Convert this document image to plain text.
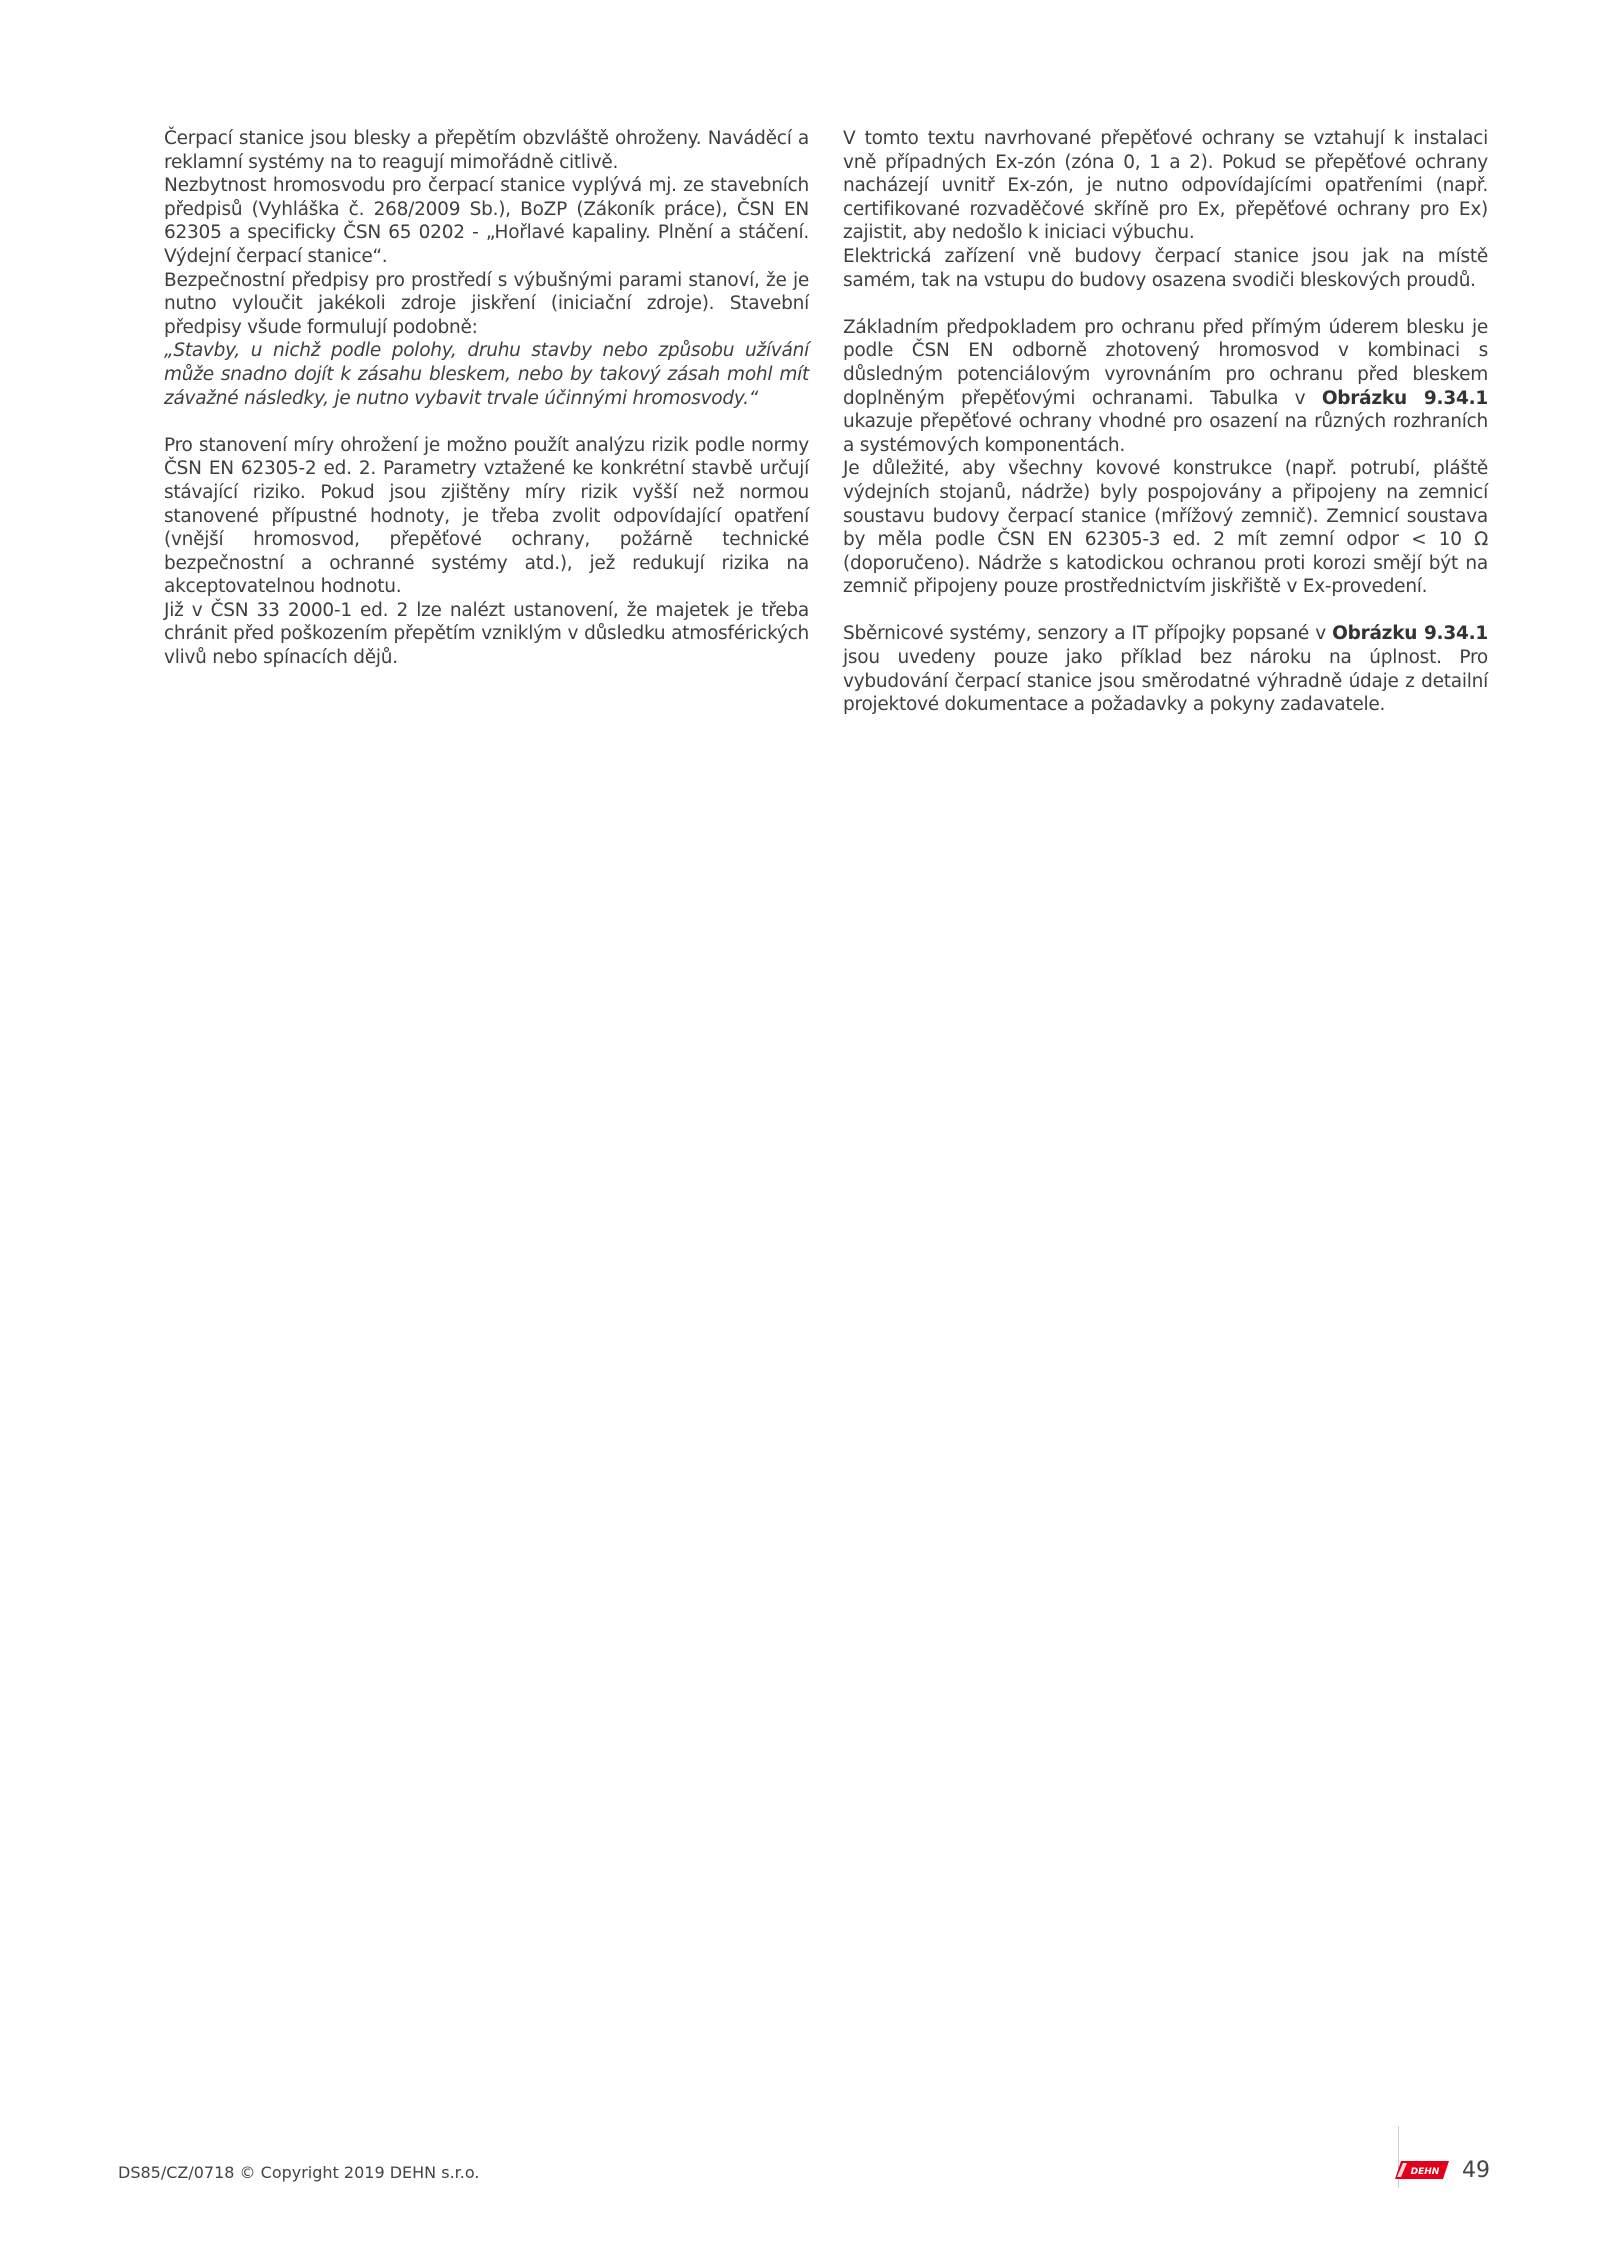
Čerpací stanice jsou blesky a přepětím obzvláště ohroženy. Naváděcí a reklamní systémy na to reagují mimořádně citlivě.

Nezbytnost hromosvodu pro čerpací stanice vyplývá mj. ze stavebních předpisů (Vyhláška č. 268/2009 Sb.), BoZP (Zákoník práce), ČSN EN 62305 a specificky ČSN 65 0202 - „Hořlavé kapaliny. Plnění a stáčení. Výdejní čerpací stanice“.

Bezpečnostní předpisy pro prostředí s výbušnými parami stanoví, že je nutno vyloučit jakékoli zdroje jiskření (iniciační zdroje). Stavební předpisy všude formulují podobně:

„Stavby, u nichž podle polohy, druhu stavby nebo způsobu užívání může snadno dojít k zásahu bleskem, nebo by takový zásah mohl mít závažné následky, je nutno vybavit trvale účinnými hromosvody.“

Pro stanovení míry ohrožení je možno použít analýzu rizik podle normy ČSN EN 62305-2 ed. 2. Parametry vztažené ke konkrétní stavbě určují stávající riziko. Pokud jsou zjištěny míry rizik vyšší než normou stanovené přípustné hodnoty, je třeba zvolit odpovídající opatření (vnější hromosvod, přepěťové ochrany, požárně technické bezpečnostní a ochranné systémy atd.), jež redukují rizika na akceptovatelnou hodnotu.

Již v ČSN 33 2000-1 ed. 2 lze nalézt ustanovení, že majetek je třeba chránit před poškozením přepětím vzniklým v důsledku atmosférických vlivů nebo spínacích dějů.

V tomto textu navrhované přepěťové ochrany se vztahují k instalaci vně případných Ex-zón (zóna 0, 1 a 2). Pokud se přepěťové ochrany nacházejí uvnitř Ex-zón, je nutno odpovídajícími opatřeními (např. certifikované rozvaděčové skříně pro Ex, přepěťové ochrany pro Ex) zajistit, aby nedošlo k iniciaci výbuchu.

Elektrická zařízení vně budovy čerpací stanice jsou jak na místě samém, tak na vstupu do budovy osazena svodiči bleskových proudů.

Základním předpokladem pro ochranu před přímým úderem blesku je podle ČSN EN odborně zhotovený hromosvod v kombinaci s důsledným potenciálovým vyrovnáním pro ochranu před bleskem doplněným přepěťovými ochranami. Tabulka v Obrázku 9.34.1 ukazuje přepěťové ochrany vhodné pro osazení na různých rozhraních a systémových komponentách.

Je důležité, aby všechny kovové konstrukce (např. potrubí, pláště výdejních stojanů, nádrže) byly pospojovány a připojeny na zemnicí soustavu budovy čerpací stanice (mřížový zemnič). Zemnicí soustava by měla podle ČSN EN 62305-3 ed. 2 mít zemní odpor < 10 Ω (doporučeno). Nádrže s katodickou ochranou proti korozi smějí být na zemnič připojeny pouze prostřednictvím jiskřiště v Ex-provedení.

Sběrnicové systémy, senzory a IT přípojky popsané v Obrázku 9.34.1 jsou uvedeny pouze jako příklad bez nároku na úplnost. Pro vybudování čerpací stanice jsou směrodatné výhradně údaje z detailní projektové dokumentace a požadavky a pokyny zadavatele.

DS85/CZ/0718 © Copyright 2019 DEHN s.r.o.	DEHN 49
